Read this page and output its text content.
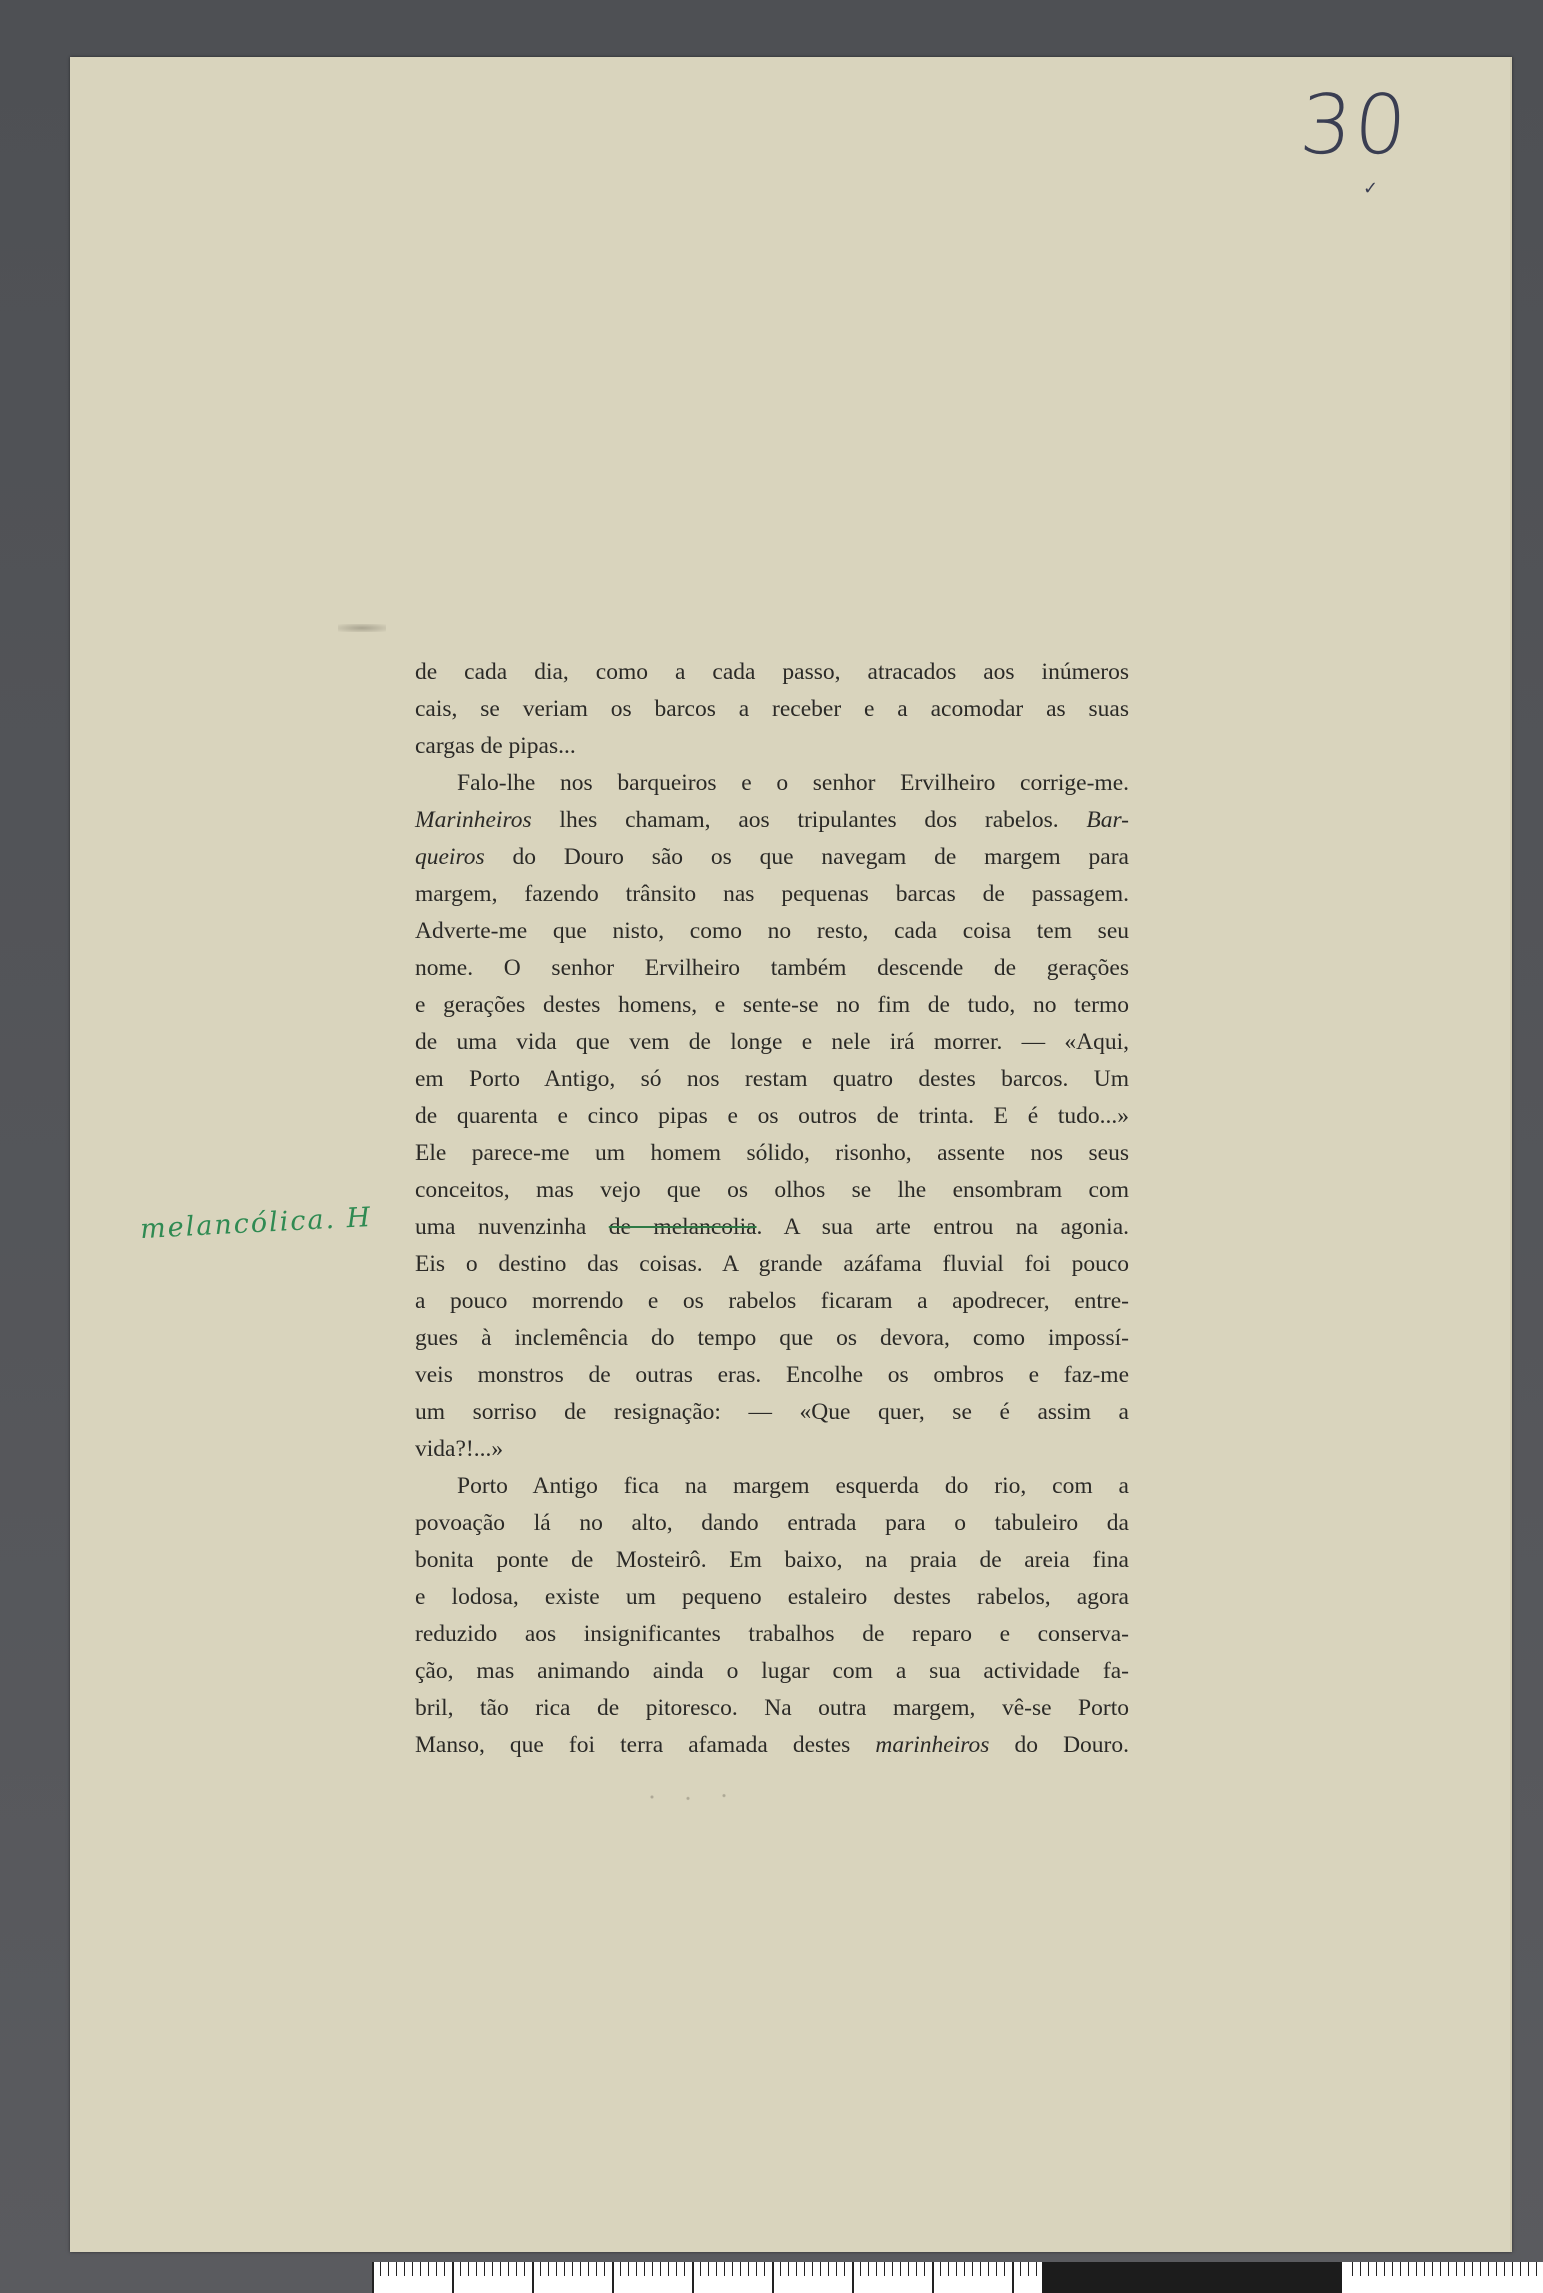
30
✓
melancólica. H
de cada dia, como a cada passo, atracados aos inúmeros
cais, se veriam os barcos a receber e a acomodar as suas
cargas de pipas...
Falo-lhe nos barqueiros e o senhor Ervilheiro corrige-me.
Marinheiros lhes chamam, aos tripulantes dos rabelos. Bar-
queiros do Douro são os que navegam de margem para
margem, fazendo trânsito nas pequenas barcas de passagem.
Adverte-me que nisto, como no resto, cada coisa tem seu
nome. O senhor Ervilheiro também descende de gerações
e gerações destes homens, e sente-se no fim de tudo, no termo
de uma vida que vem de longe e nele irá morrer. — «Aqui,
em Porto Antigo, só nos restam quatro destes barcos. Um
de quarenta e cinco pipas e os outros de trinta. E é tudo...»
Ele parece-me um homem sólido, risonho, assente nos seus
conceitos, mas vejo que os olhos se lhe ensombram com
uma nuvenzinha de melancolia. A sua arte entrou na agonia.
Eis o destino das coisas. A grande azáfama fluvial foi pouco
a pouco morrendo e os rabelos ficaram a apodrecer, entre-
gues à inclemência do tempo que os devora, como impossí-
veis monstros de outras eras. Encolhe os ombros e faz-me
um sorriso de resignação: — «Que quer, se é assim a
vida?!...»
Porto Antigo fica na margem esquerda do rio, com a
povoação lá no alto, dando entrada para o tabuleiro da
bonita ponte de Mosteirô. Em baixo, na praia de areia fina
e lodosa, existe um pequeno estaleiro destes rabelos, agora
reduzido aos insignificantes trabalhos de reparo e conserva-
ção, mas animando ainda o lugar com a sua actividade fa-
bril, tão rica de pitoresco. Na outra margem, vê-se Porto
Manso, que foi terra afamada destes marinheiros do Douro.
